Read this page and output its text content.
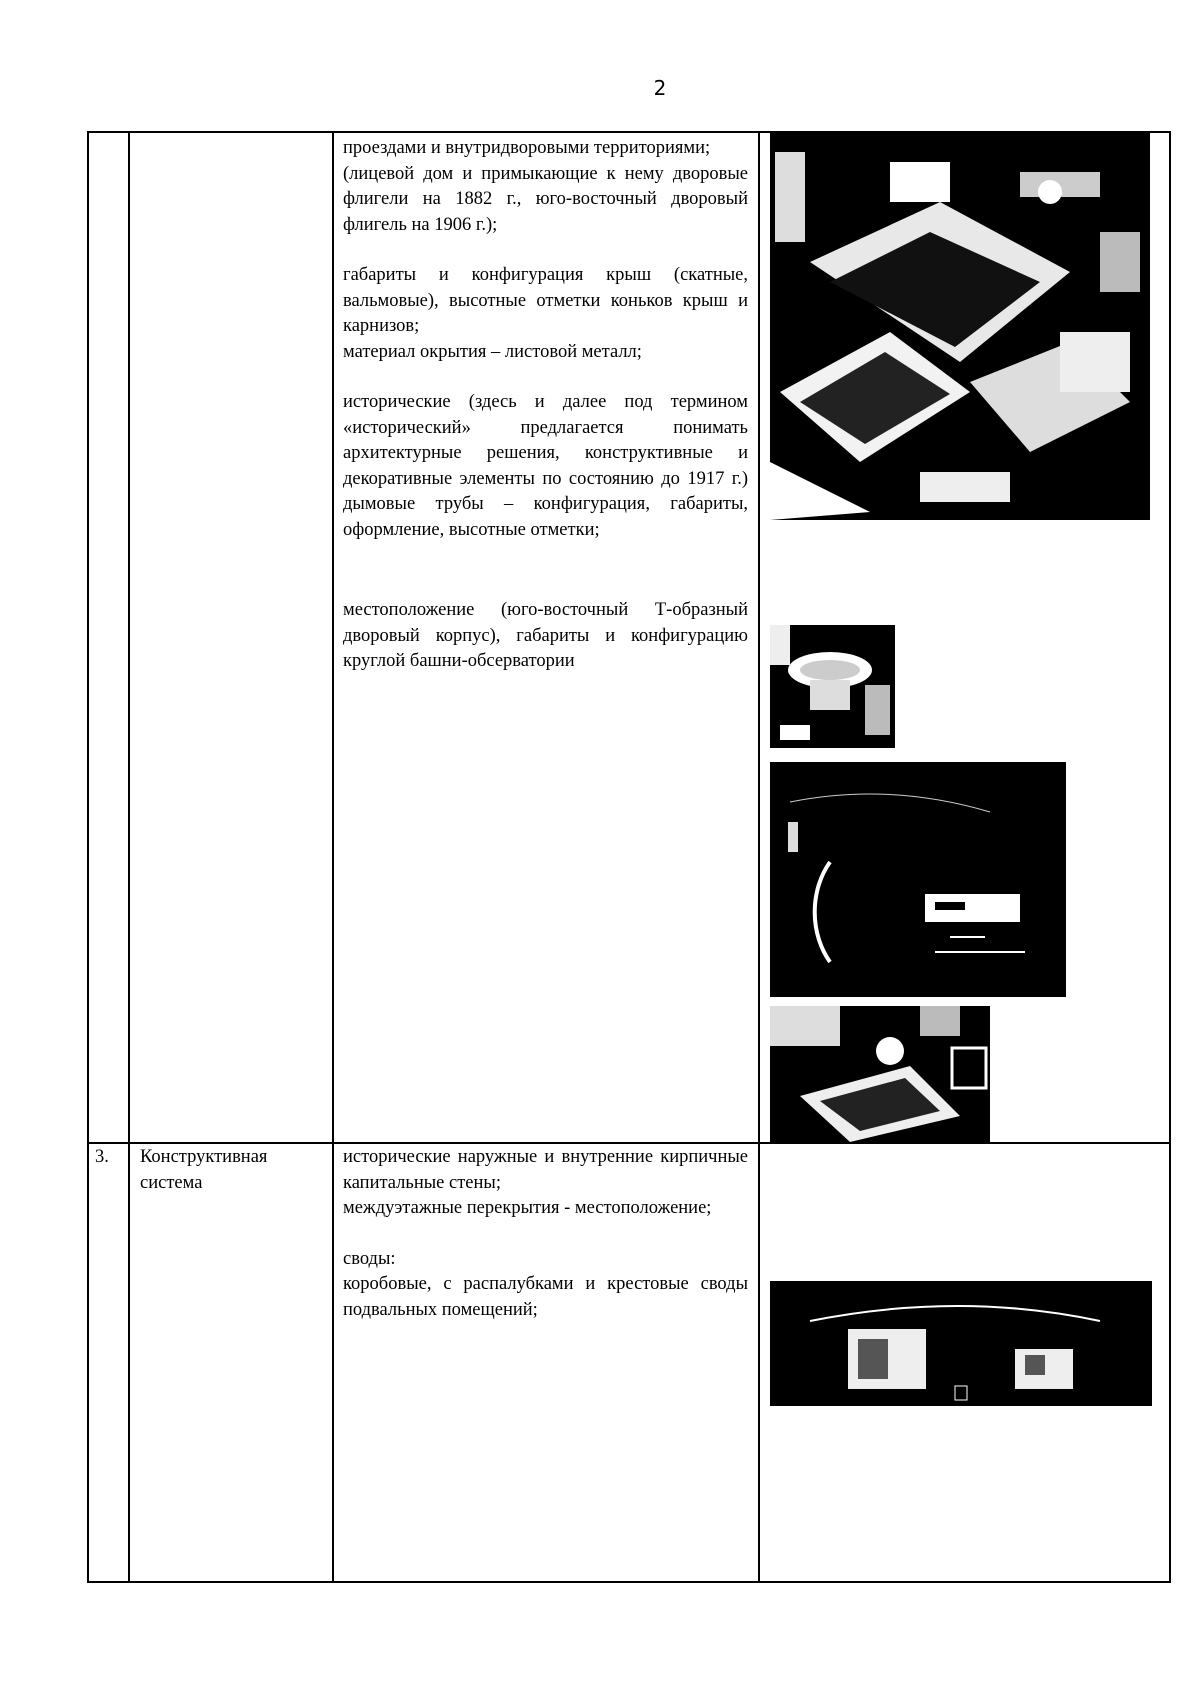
2

проездами и внутридворовыми территориями;

(лицевой дом и примыкающие к нему дворовые флигели на 1882 г., юго-восточный дворовый флигель на 1906 г.);

габариты и конфигурация крыш (скатные, вальмовые), высотные отметки коньков крыш и карнизов;

материал окрытия – листовой металл;

исторические (здесь и далее под термином «исторический» предлагается понимать архитектурные решения, конструктивные и декоративные элементы по состоянию до 1917 г.) дымовые трубы – конфигурация, габариты, оформление, высотные отметки;

местоположение (юго-восточный Т-образный дворовый корпус), габариты и конфигурацию круглой башни-обсерватории

3. Конструктивная система

исторические наружные и внутренние кирпичные капитальные стены;

междуэтажные перекрытия - местоположение;

своды:

коробовые, с распалубками и крестовые своды подвальных помещений;
